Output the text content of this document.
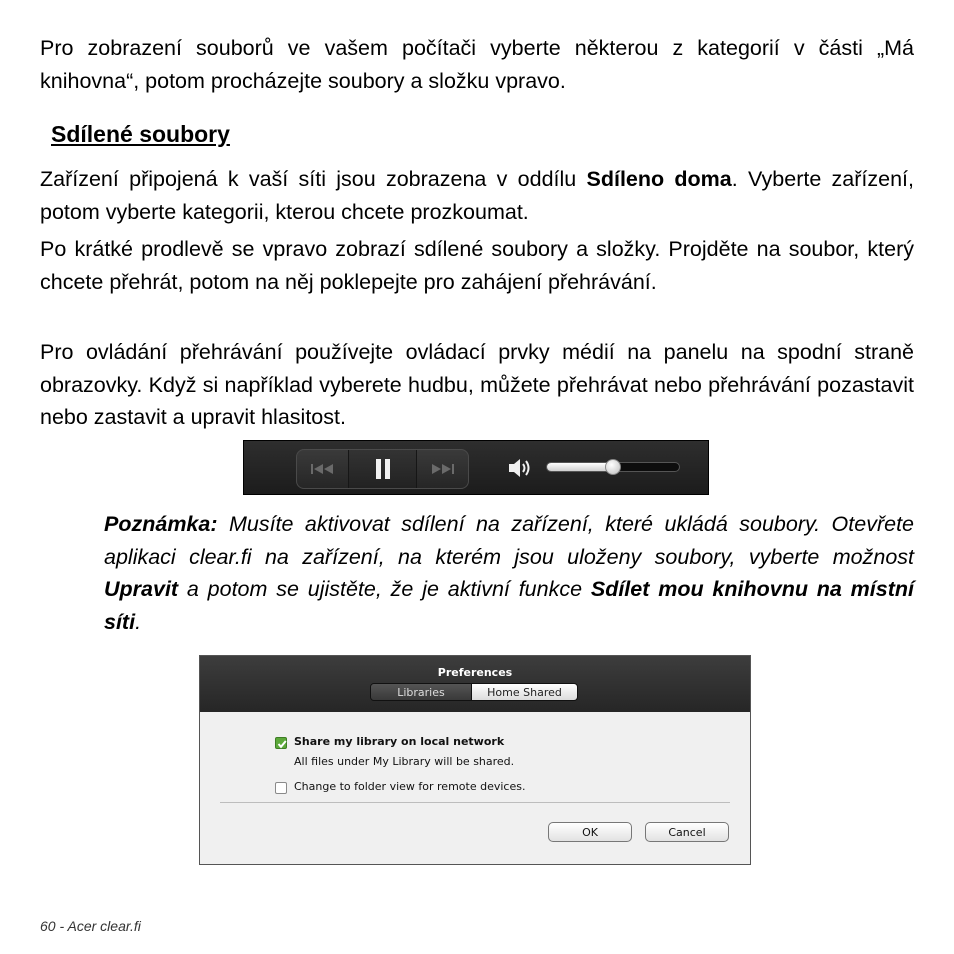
Pro zobrazení souborů ve vašem počítači vyberte některou z kategorií v části „Má knihovna“, potom procházejte soubory a složku vpravo.

Sdílené soubory

Zařízení připojená k vaší síti jsou zobrazena v oddílu Sdíleno doma. Vyberte zařízení, potom vyberte kategorii, kterou chcete prozkoumat.

Po krátké prodlevě se vpravo zobrazí sdílené soubory a složky. Projděte na soubor, který chcete přehrát, potom na něj poklepejte pro zahájení přehrávání.

Pro ovládání přehrávání používejte ovládací prvky médií na panelu na spodní straně obrazovky. Když si například vyberete hudbu, můžete přehrávat nebo přehrávání pozastavit nebo zastavit a upravit hlasitost.

Poznámka: Musíte aktivovat sdílení na zařízení, které ukládá soubory. Otevřete aplikaci clear.fi na zařízení, na kterém jsou uloženy soubory, vyberte možnost Upravit a potom se ujistěte, že je aktivní funkce Sdílet mou knihovnu na místní síti.

Preferences
Libraries	Home Shared
Share my library on local network
All files under My Library will be shared.
Change to folder view for remote devices.
OK	Cancel
60 - Acer clear.fi
